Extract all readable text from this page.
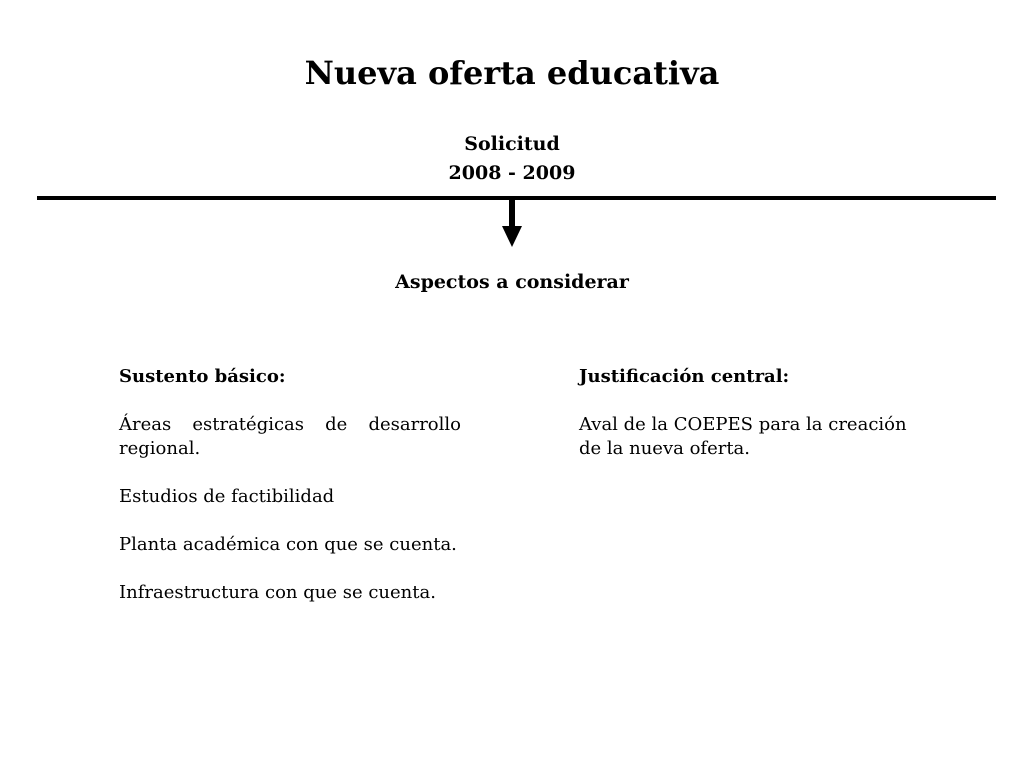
Nueva oferta educativa
Solicitud
2008 - 2009
Aspectos a considerar
Sustento básico:

Áreas estratégicas de desarrollo regional.

Estudios de factibilidad

Planta académica con que se cuenta.

Infraestructura con que se cuenta.

Justificación central:

Aval de la COEPES para la creación de la nueva oferta.
